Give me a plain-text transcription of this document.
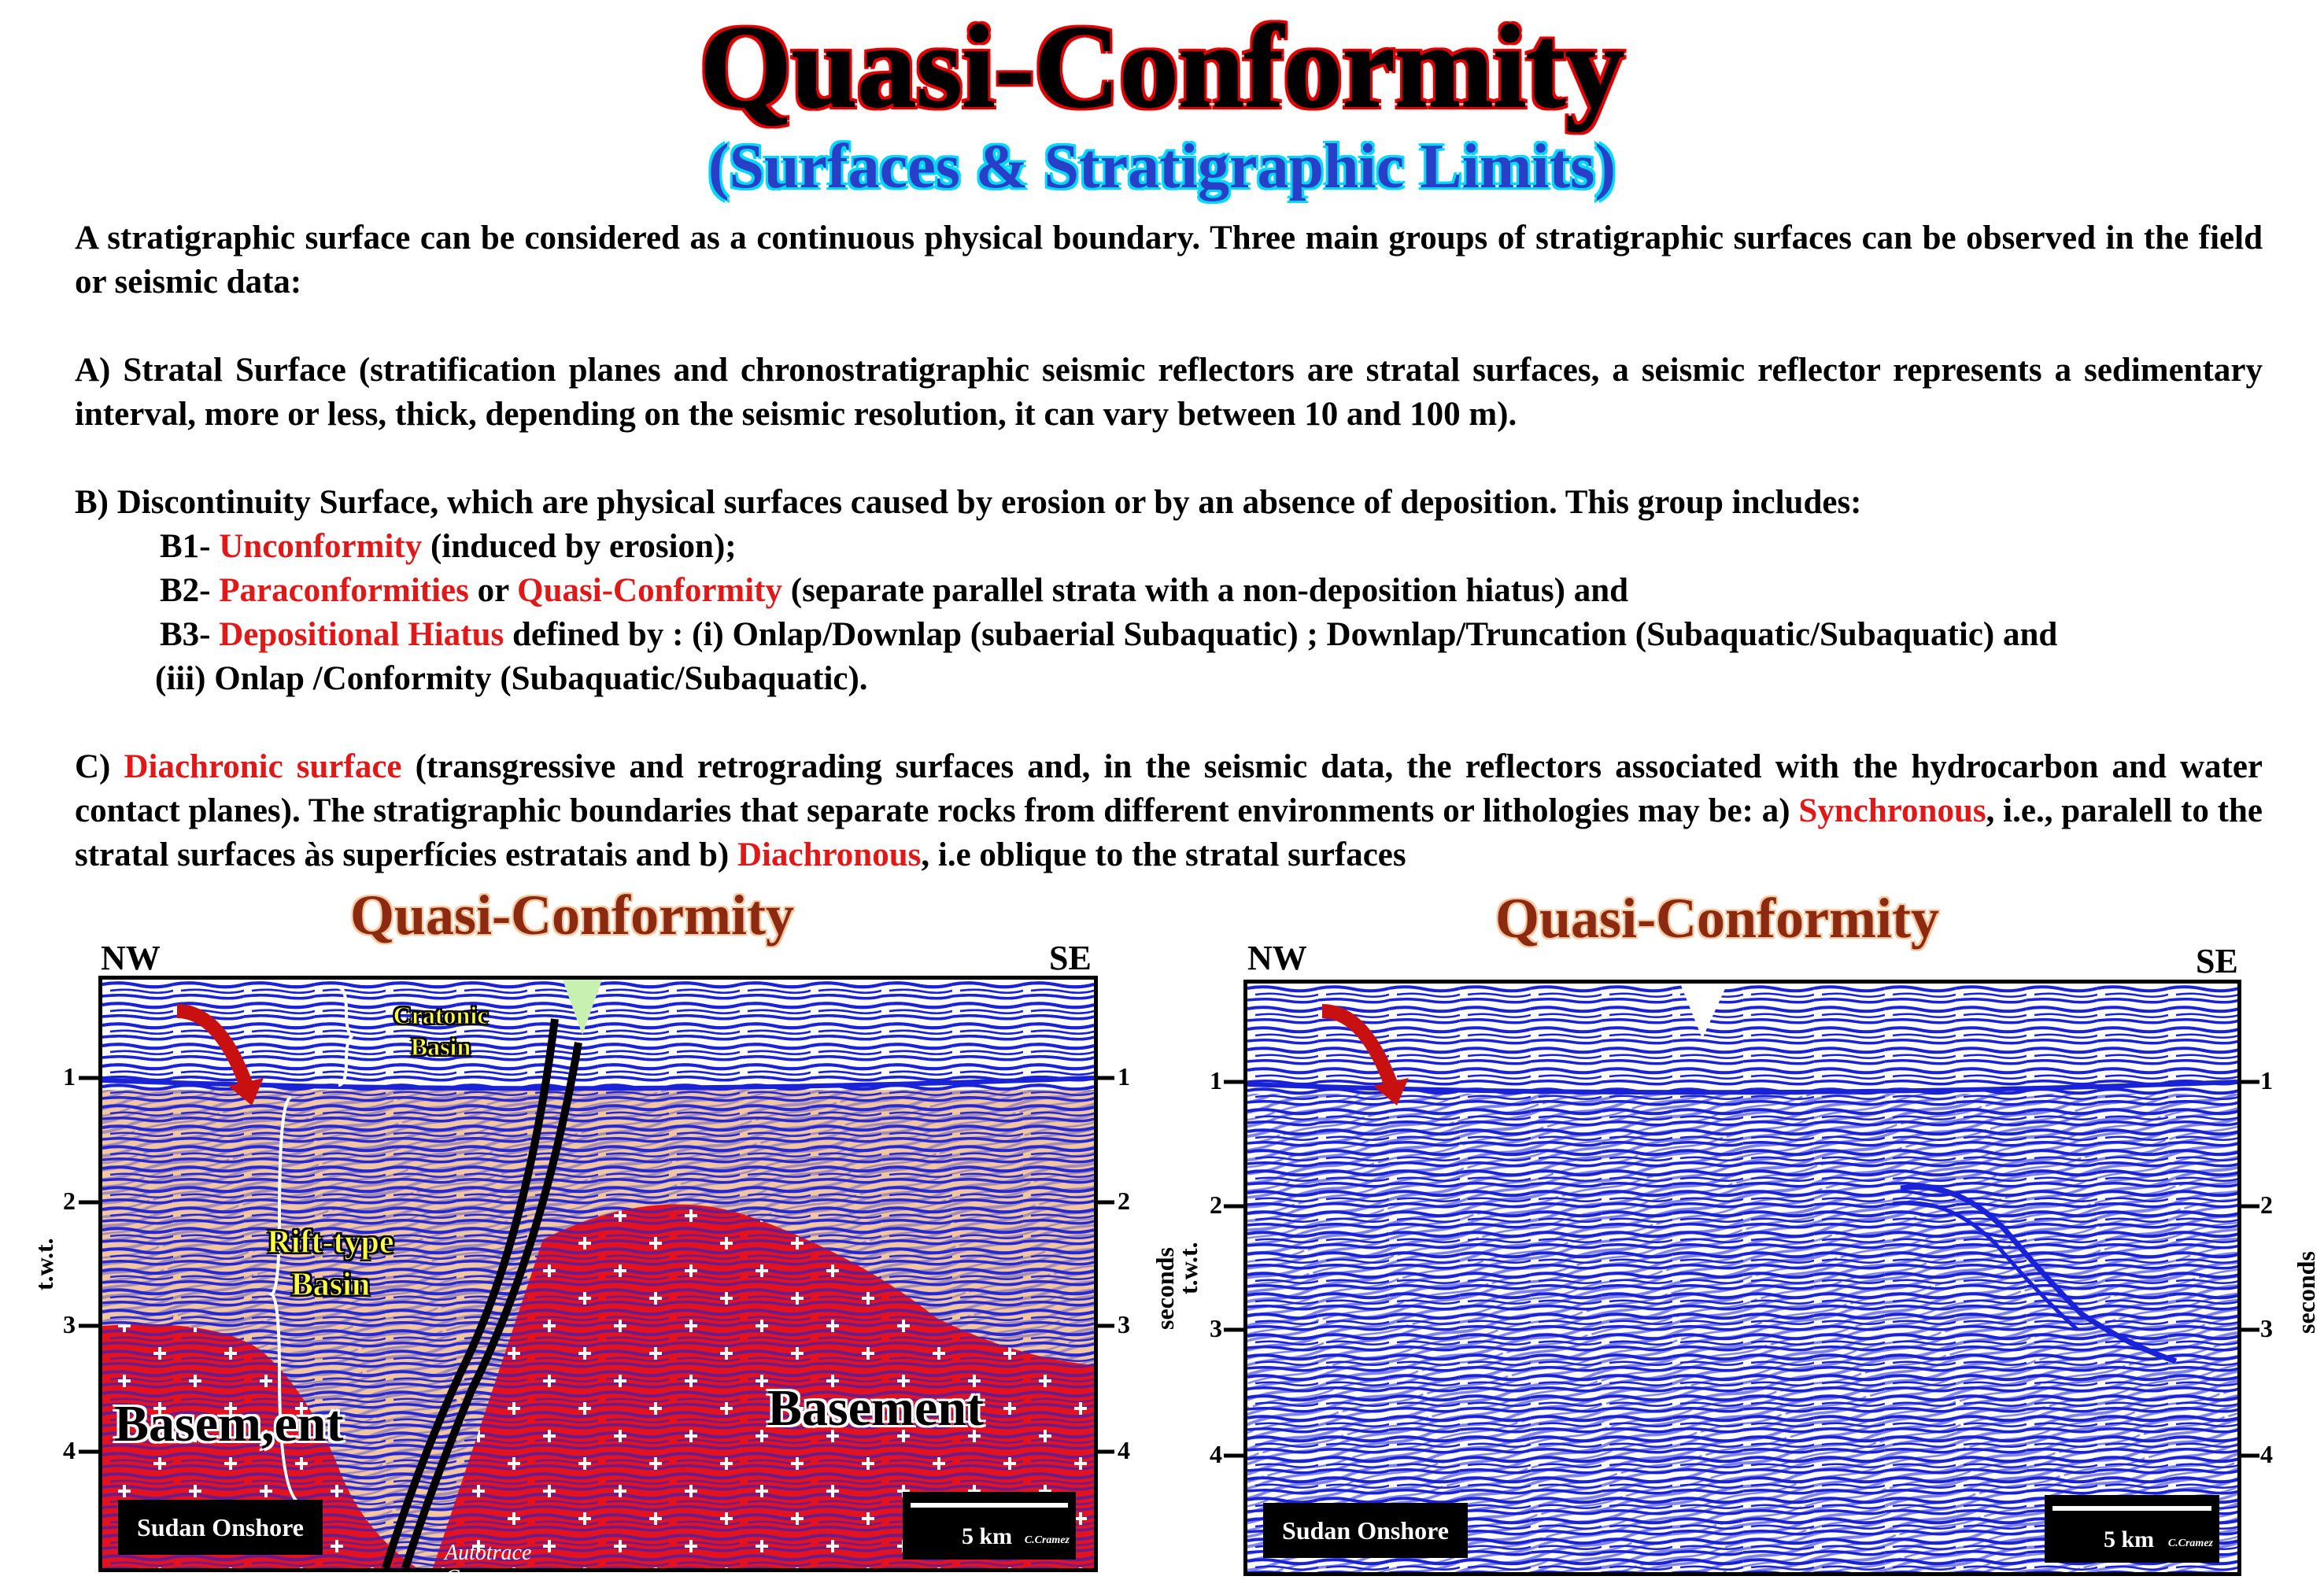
Quasi-Conformity
(Surfaces & Stratigraphic Limits)

A stratigraphic surface can be considered as a continuous physical boundary. Three main groups of stratigraphic surfaces can be observed in the field or seismic data:

A) Stratal Surface (stratification planes and chronostratigraphic seismic reflectors are stratal surfaces, a seismic reflector represents a sedimentary interval, more or less, thick, depending on the seismic resolution, it can vary between 10 and 100 m).

B) Discontinuity Surface, which are physical surfaces caused by erosion or by an absence of deposition. This group includes:

B1- Unconformity (induced by erosion);

B2- Paraconformities or Quasi-Conformity (separate parallel strata with a non-deposition hiatus) and

B3- Depositional Hiatus defined by : (i) Onlap/Downlap (subaerial Subaquatic) ; Downlap/Truncation (Subaquatic/Subaquatic) and

(iii) Onlap /Conformity (Subaquatic/Subaquatic).

C) Diachronic surface (transgressive and retrograding surfaces and, in the seismic data, the reflectors associated with the hydrocarbon and water contact planes). The stratigraphic boundaries that separate rocks from different environments or lithologies may be: a) Synchronous, i.e., paralell to the stratal surfaces às superfícies estratais and b) Diachronous, i.e oblique to the stratal surfaces

Quasi-Conformity
NW	SE
1
2
3
4
1
2
3
4
t.w.t.	seconds
Cratonic Basin
Rift-type Basin
Basem,ent	Basement
Sudan Onshore	5 km C.Cramez
Autotrace Canvas
Quasi-Conformity
NW	SE
1
2
3
4
1
2
3
4
t.w.t.	seconds
Sudan Onshore	5 km C.Cramez
